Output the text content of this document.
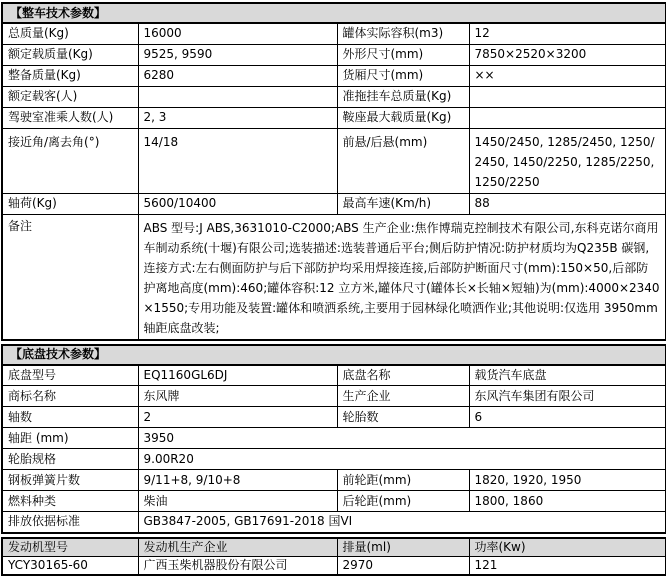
【整车技术参数】			
总质量(Kg)	16000	罐体实际容积(m3)	12
额定载质量(Kg)	9525, 9590	外形尺寸(mm)	7850×2520×3200
整备质量(Kg)	6280	货厢尺寸(mm)	××
额定载客(人)		准拖挂车总质量(Kg)	
驾驶室准乘人数(人)	2, 3	鞍座最大载质量(Kg)	
接近角/离去角(°)	14/18	前悬/后悬(mm)	1450/2450, 1285/2450, 1250/2450, 1450/2250, 1285/2250, 1250/2250
轴荷(Kg)	5600/10400	最高车速(Km/h)	88
备注	ABS 型号:J ABS,3631010-C2000;ABS 生产企业:焦作博瑞克控制技术有限公司,东科克诺尔商用车制动系统(十堰)有限公司;选装描述:选装普通后平台;侧后防护情况:防护材质均为Q235B 碳钢,连接方式:左右侧面防护与后下部防护均采用焊接连接,后部防护断面尺寸(mm):150×50,后部防护离地高度(mm):460;罐体容积:12 立方米,罐体尺寸(罐体长×长轴×短轴)为(mm):4000×2340×1550;专用功能及装置:罐体和喷洒系统,主要用于园林绿化喷洒作业;其他说明:仅选用 3950mm 轴距底盘改装;		
【底盘技术参数】			
底盘型号	EQ1160GL6DJ	底盘名称	载货汽车底盘
商标名称	东风牌	生产企业	东风汽车集团有限公司
轴数	2	轮胎数	6
轴距 (mm)	3950		
轮胎规格	9.00R20		
钢板弹簧片数	9/11+8, 9/10+8	前轮距(mm)	1820, 1920, 1950
燃料种类	柴油	后轮距(mm)	1800, 1860
排放依据标准	GB3847-2005, GB17691-2018 国VI		
发动机型号	发动机生产企业	排量(ml)	功率(Kw)
YCY30165-60	广西玉柴机器股份有限公司	2970	121
